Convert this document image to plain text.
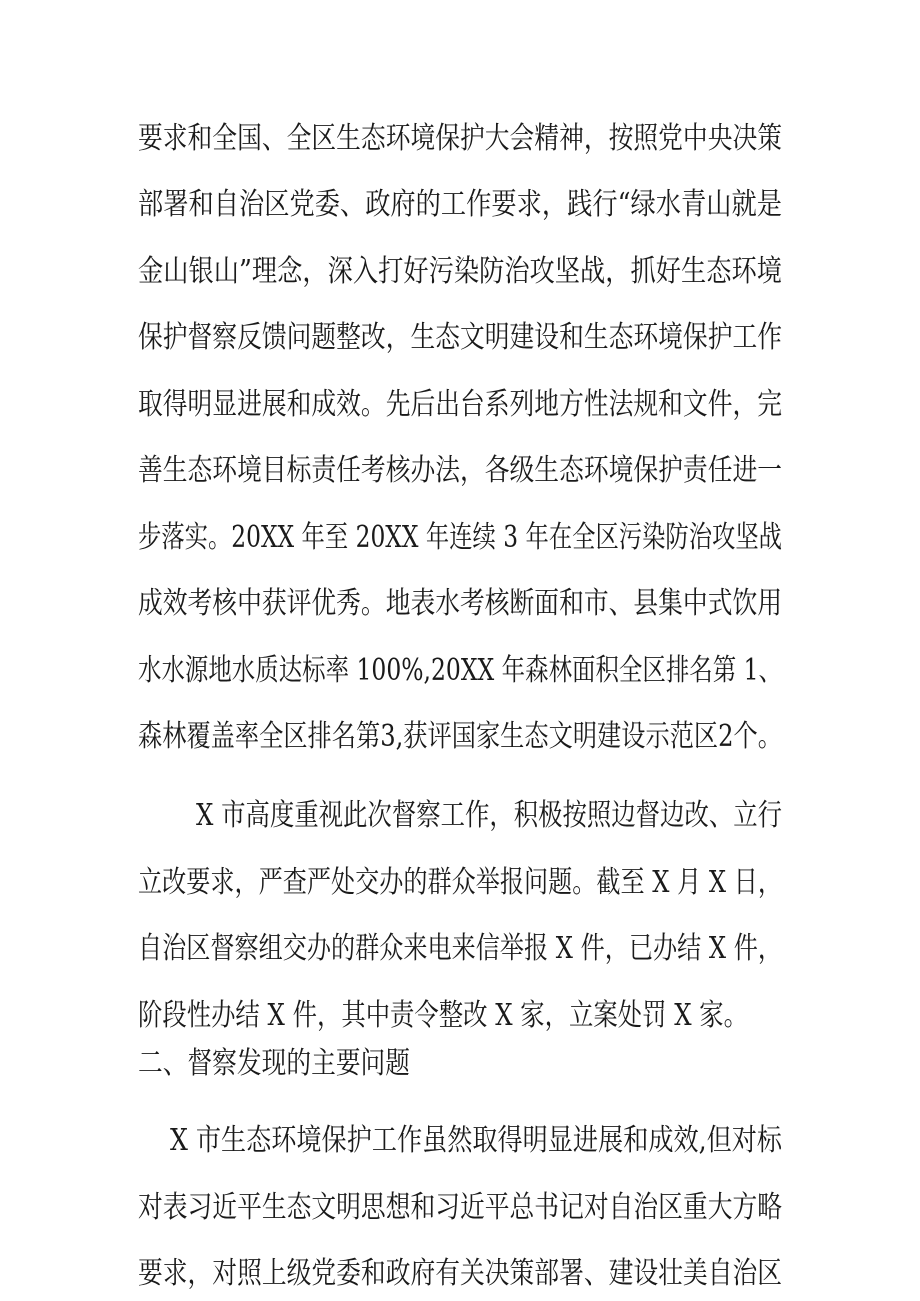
要求和全国、全区生态环境保护大会精神，按照党中央决策
部署和自治区党委、政府的工作要求，践行“绿水青山就是
金山银山”理念，深入打好污染防治攻坚战，抓好生态环境
保护督察反馈问题整改，生态文明建设和生态环境保护工作
取得明显进展和成效。先后出台系列地方性法规和文件，完
善生态环境目标责任考核办法，各级生态环境保护责任进一
步落实。20XX 年至 20XX 年连续 3 年在全区污染防治攻坚战
成效考核中获评优秀。地表水考核断面和市、县集中式饮用
水水源地水质达标率 100%,20XX 年森林面积全区排名第 1、
森林覆盖率全区排名第3,获评国家生态文明建设示范区2个。
X 市高度重视此次督察工作，积极按照边督边改、立行
立改要求，严查严处交办的群众举报问题。截至 X 月 X 日，
自治区督察组交办的群众来电来信举报 X 件，已办结 X 件，
阶段性办结 X 件，其中责令整改 X 家，立案处罚 X 家。
二、督察发现的主要问题
X 市生态环境保护工作虽然取得明显进展和成效,但对标
对表习近平生态文明思想和习近平总书记对自治区重大方略
要求，对照上级党委和政府有关决策部署、建设壮美自治区
